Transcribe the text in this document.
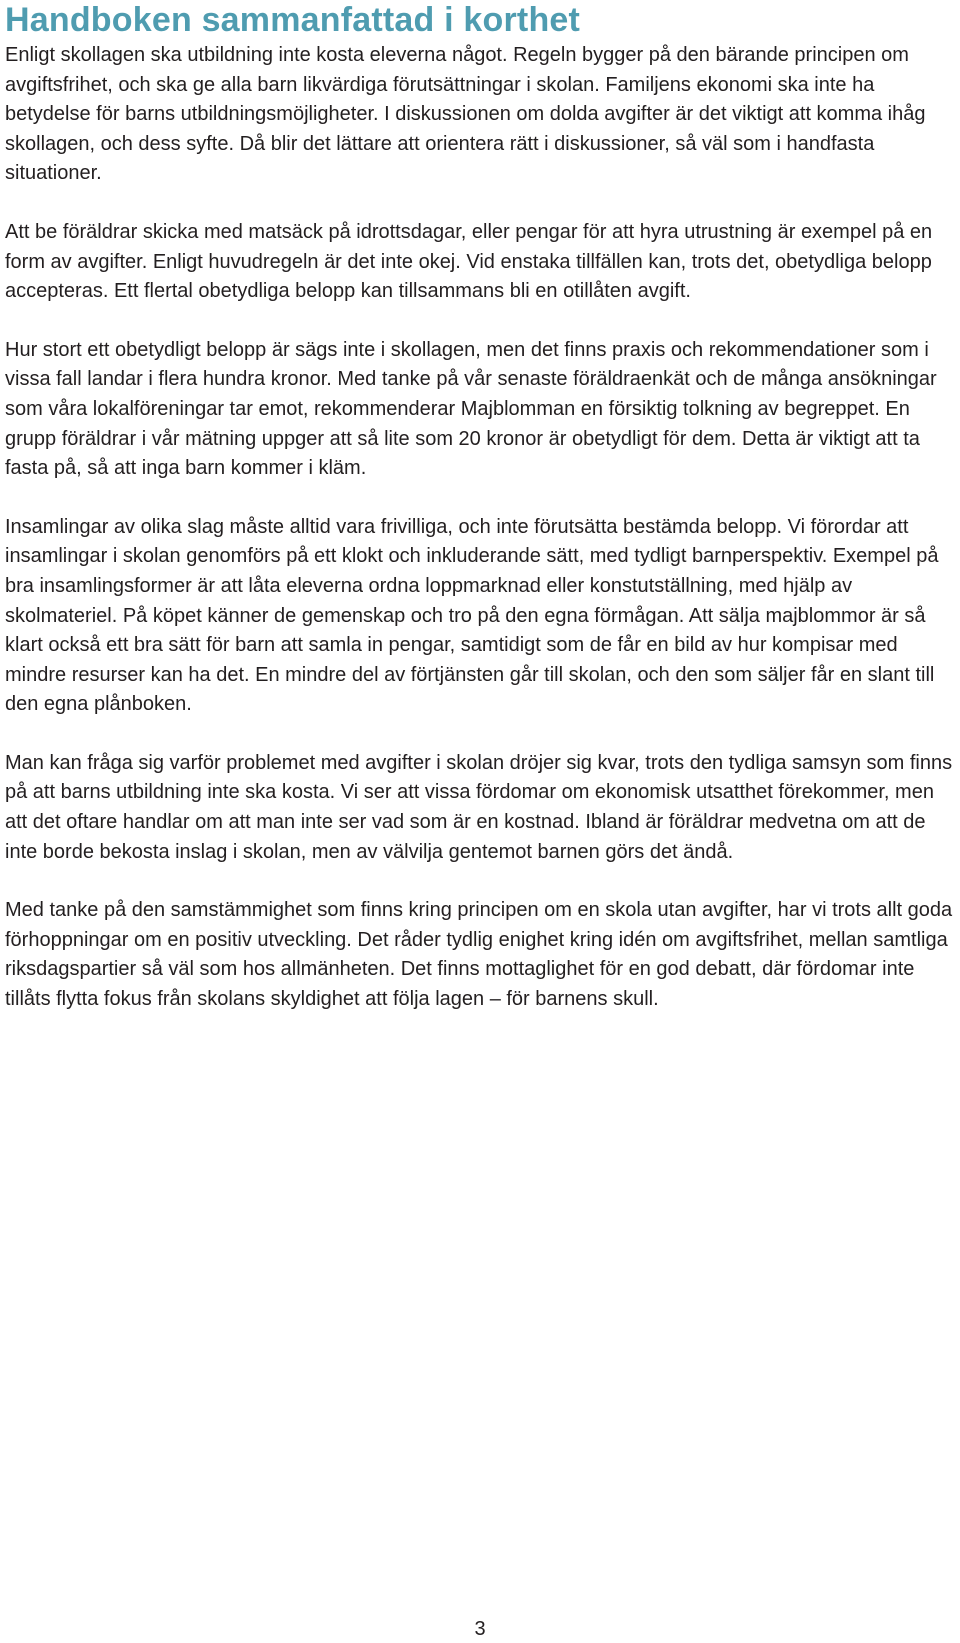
Handboken sammanfattad i korthet

Enligt skollagen ska utbildning inte kosta eleverna något. Regeln bygger på den bärande principen om avgiftsfrihet, och ska ge alla barn likvärdiga förutsättningar i skolan. Familjens ekonomi ska inte ha betydelse för barns utbildningsmöjligheter. I diskussionen om dolda avgifter är det viktigt att komma ihåg skollagen, och dess syfte. Då blir det lättare att orientera rätt i diskussioner, så väl som i handfasta situationer.

Att be föräldrar skicka med matsäck på idrottsdagar, eller pengar för att hyra utrustning är exempel på en form av avgifter. Enligt huvudregeln är det inte okej. Vid enstaka tillfällen kan, trots det, obetydliga belopp accepteras. Ett flertal obetydliga belopp kan tillsammans bli en otillåten avgift.

Hur stort ett obetydligt belopp är sägs inte i skollagen, men det finns praxis och rekommendationer som i vissa fall landar i flera hundra kronor. Med tanke på vår senaste föräldraenkät och de många ansökningar som våra lokalföreningar tar emot, rekommenderar Majblomman en försiktig tolkning av begreppet. En grupp föräldrar i vår mätning uppger att så lite som 20 kronor är obetydligt för dem. Detta är viktigt att ta fasta på, så att inga barn kommer i kläm.

Insamlingar av olika slag måste alltid vara frivilliga, och inte förutsätta bestämda belopp. Vi förordar att insamlingar i skolan genomförs på ett klokt och inkluderande sätt, med tydligt barnperspektiv. Exempel på bra insamlingsformer är att låta eleverna ordna loppmarknad eller konstutställning, med hjälp av skolmateriel. På köpet känner de gemenskap och tro på den egna förmågan. Att sälja majblommor är så klart också ett bra sätt för barn att samla in pengar, samtidigt som de får en bild av hur kompisar med mindre resurser kan ha det. En mindre del av förtjänsten går till skolan, och den som säljer får en slant till den egna plånboken.

Man kan fråga sig varför problemet med avgifter i skolan dröjer sig kvar, trots den tydliga samsyn som finns på att barns utbildning inte ska kosta. Vi ser att vissa fördomar om ekonomisk utsatthet förekommer, men att det oftare handlar om att man inte ser vad som är en kostnad. Ibland är föräldrar medvetna om att de inte borde bekosta inslag i skolan, men av välvilja gentemot barnen görs det ändå.

Med tanke på den samstämmighet som finns kring principen om en skola utan avgifter, har vi trots allt goda förhoppningar om en positiv utveckling. Det råder tydlig enighet kring idén om avgiftsfrihet, mellan samtliga riksdagspartier så väl som hos allmänheten. Det finns mottaglighet för en god debatt, där fördomar inte tillåts flytta fokus från skolans skyldighet att följa lagen – för barnens skull.

3
